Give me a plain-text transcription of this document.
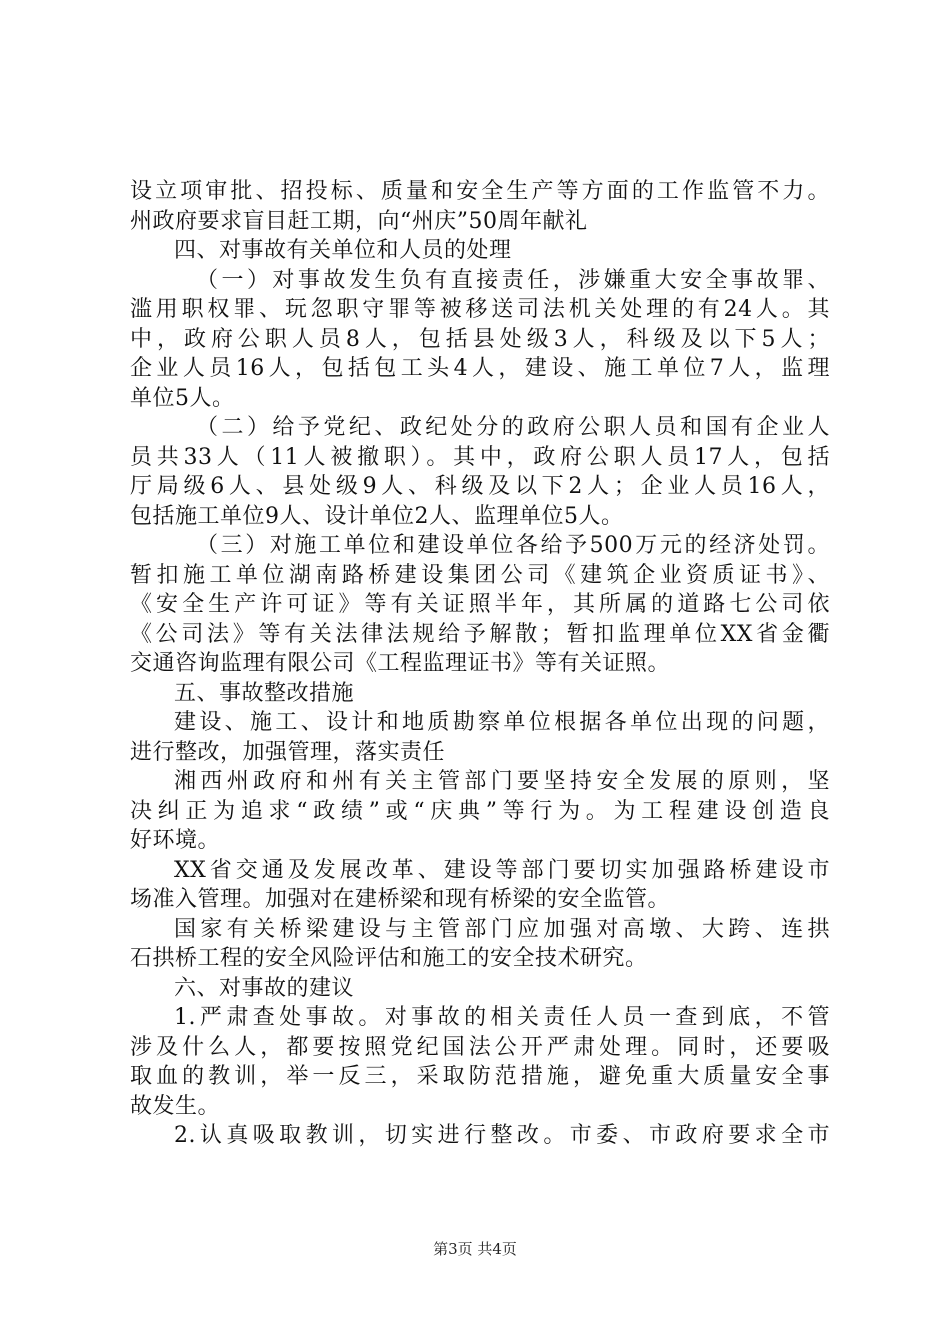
设立项审批、招投标、质量和安全生产等方面的工作监管不力。
州政府要求盲目赶工期，向“州庆”50周年献礼
四、对事故有关单位和人员的处理
（一）对事故发生负有直接责任，涉嫌重大安全事故罪、
滥用职权罪、玩忽职守罪等被移送司法机关处理的有24人。其
中，政府公职人员8人，包括县处级3人，科级及以下5人；
企业人员16人，包括包工头4人，建设、施工单位7人，监理
单位5人。
（二）给予党纪、政纪处分的政府公职人员和国有企业人
员共33人（11人被撤职）。其中，政府公职人员17人，包括
厅局级6人、县处级9人、科级及以下2人；企业人员16人，
包括施工单位9人、设计单位2人、监理单位5人。
（三）对施工单位和建设单位各给予500万元的经济处罚。
暂扣施工单位湖南路桥建设集团公司《建筑企业资质证书》、
《安全生产许可证》等有关证照半年，其所属的道路七公司依
《公司法》等有关法律法规给予解散；暂扣监理单位XX省金衢
交通咨询监理有限公司《工程监理证书》等有关证照。
五、事故整改措施
建设、施工、设计和地质勘察单位根据各单位出现的问题，
进行整改，加强管理，落实责任
湘西州政府和州有关主管部门要坚持安全发展的原则，坚
决纠正为追求“政绩”或“庆典”等行为。为工程建设创造良
好环境。
XX省交通及发展改革、建设等部门要切实加强路桥建设市
场准入管理。加强对在建桥梁和现有桥梁的安全监管。
国家有关桥梁建设与主管部门应加强对高墩、大跨、连拱
石拱桥工程的安全风险评估和施工的安全技术研究。
六、对事故的建议
1.严肃查处事故。对事故的相关责任人员一查到底，不管
涉及什么人，都要按照党纪国法公开严肃处理。同时，还要吸
取血的教训，举一反三，采取防范措施，避免重大质量安全事
故发生。
2.认真吸取教训，切实进行整改。市委、市政府要求全市
第3页 共4页
